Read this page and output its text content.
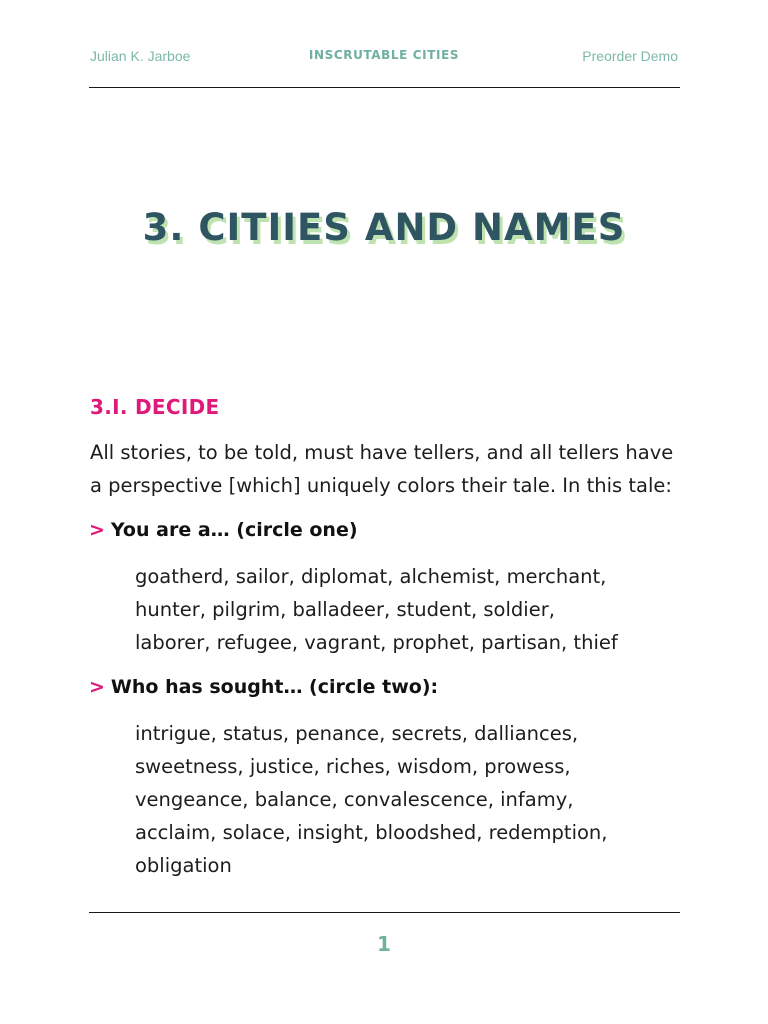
Julian K. Jarboe	INSCRUTABLE CITIES	Preorder Demo
3. CITIIES AND NAMES
3.I. DECIDE
All stories, to be told, must have tellers, and all tellers have
a perspective [which] uniquely colors their tale. In this tale:
> You are a… (circle one)
goatherd, sailor, diplomat, alchemist, merchant,
hunter, pilgrim, balladeer, student, soldier,
laborer, refugee, vagrant, prophet, partisan, thief
> Who has sought… (circle two):
intrigue, status, penance, secrets, dalliances,
sweetness, justice, riches, wisdom, prowess,
vengeance, balance, convalescence, infamy,
acclaim, solace, insight, bloodshed, redemption,
obligation
1
